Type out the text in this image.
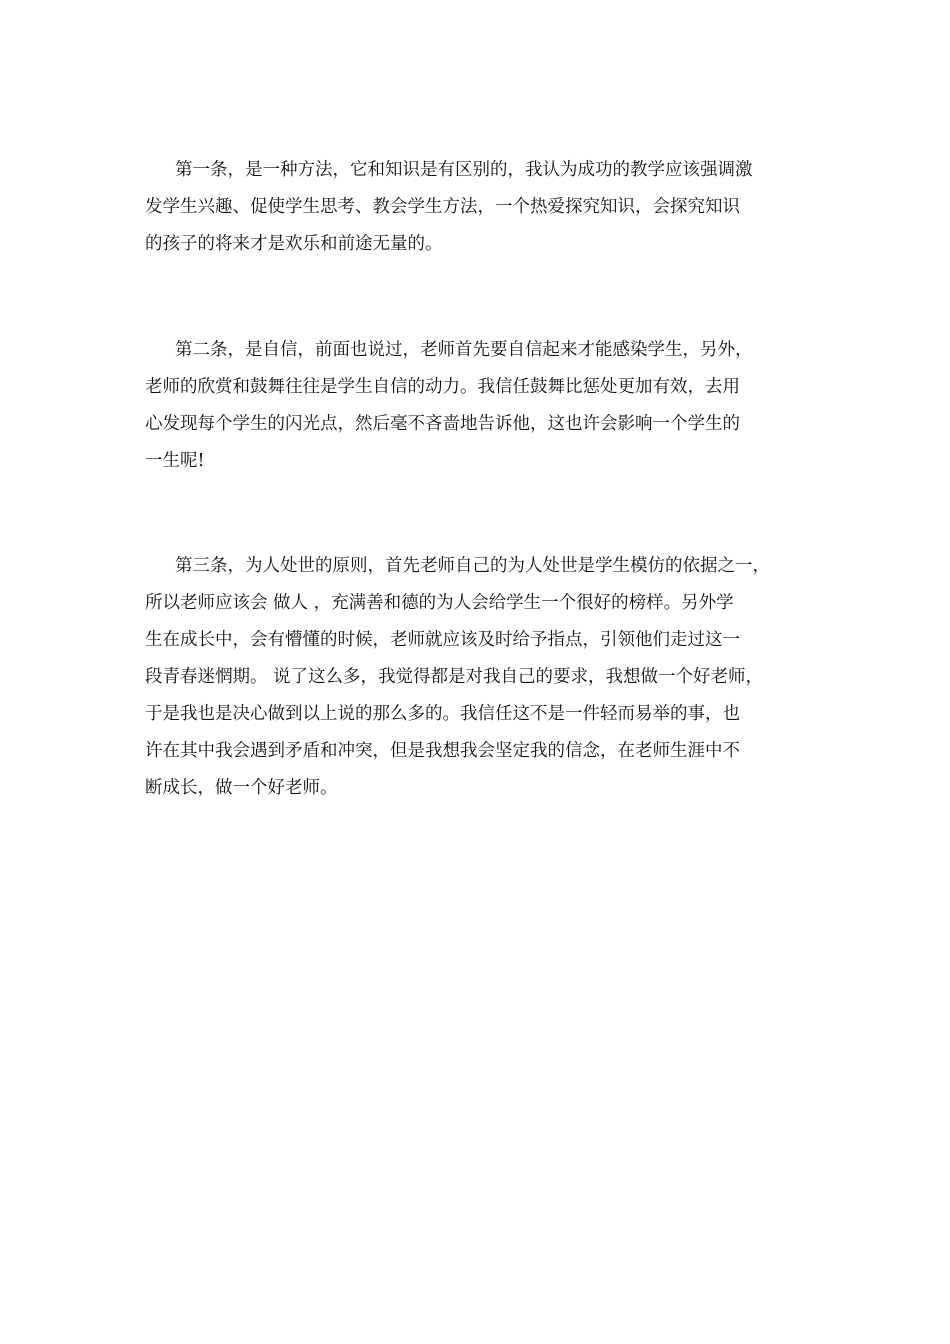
第一条，是一种方法，它和知识是有区别的，我认为成功的教学应该强调激
发学生兴趣、促使学生思考、教会学生方法，一个热爱探究知识，会探究知识
的孩子的将来才是欢乐和前途无量的。
第二条，是自信，前面也说过，老师首先要自信起来才能感染学生，另外，
老师的欣赏和鼓舞往往是学生自信的动力。我信任鼓舞比惩处更加有效，去用
心发现每个学生的闪光点，然后毫不吝啬地告诉他，这也许会影响一个学生的
一生呢!
第三条，为人处世的原则，首先老师自己的为人处世是学生模仿的依据之一，
所以老师应该会 做人 ，充满善和德的为人会给学生一个很好的榜样。另外学
生在成长中，会有懵懂的时候，老师就应该及时给予指点，引领他们走过这一
段青春迷惘期。 说了这么多，我觉得都是对我自己的要求，我想做一个好老师，
于是我也是决心做到以上说的那么多的。我信任这不是一件轻而易举的事，也
许在其中我会遇到矛盾和冲突，但是我想我会坚定我的信念，在老师生涯中不
断成长，做一个好老师。
